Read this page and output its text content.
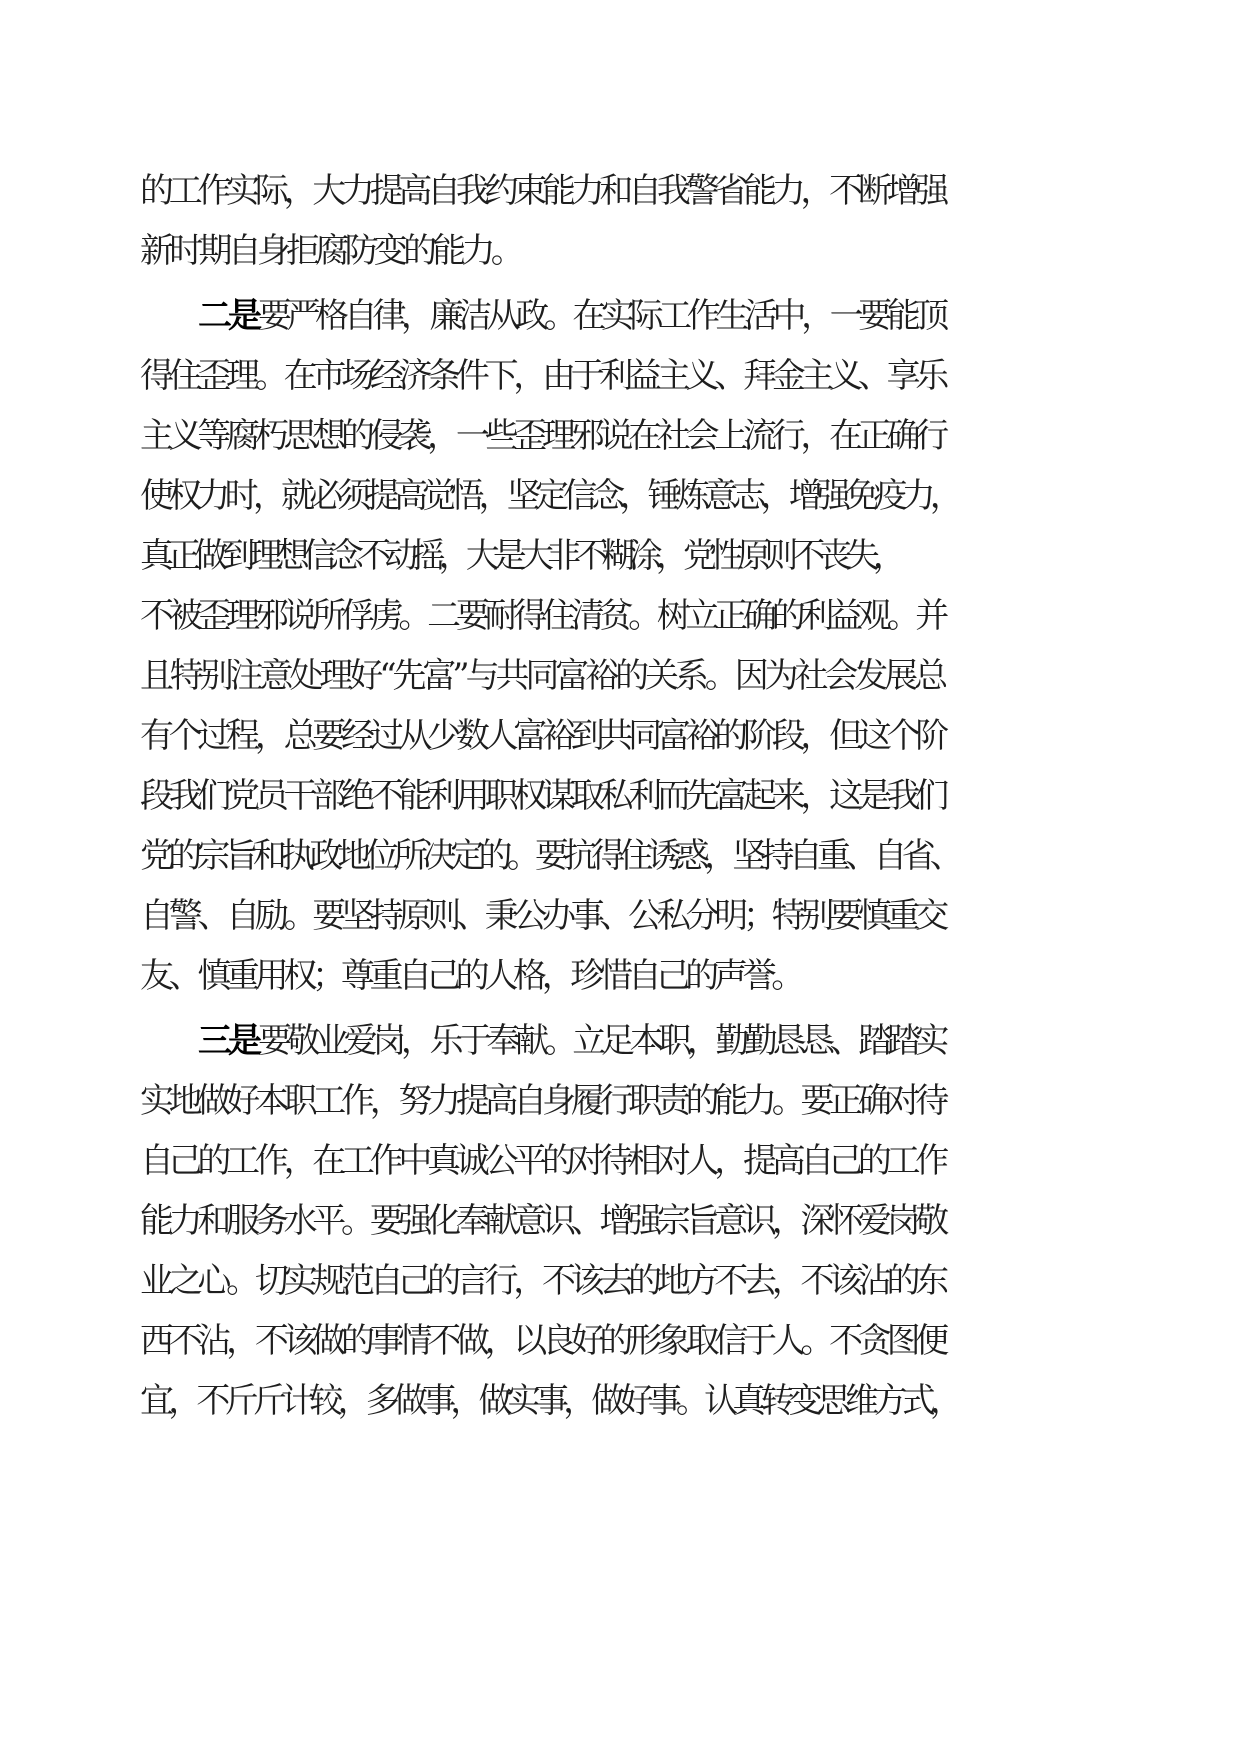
的工作实际，大力提高自我约束能力和自我警省能力，不断增强
新时期自身拒腐防变的能力。
二是 要严格自律，廉洁从政。在实际工作生活中，一要能顶
得住歪理。在市场经济条件下，由于利益主义、拜金主义、享乐
主义等腐朽思想的侵袭，一些歪理邪说在社会上流行，在正确行
使权力时，就必须提高觉悟，坚定信念，锤炼意志，增强免疫力，
真正做到理想信念不动摇，大是大非不糊涂，党性原则不丧失，
不被歪理邪说所俘虏。二要耐得住清贫。树立正确的利益观。并
且特别注意处理好“先富”与共同富裕的关系。因为社会发展总
有个过程，总要经过从少数人富裕到共同富裕的阶段，但这个阶
段我们党员干部绝不能利用职权谋取私利而先富起来，这是我们
党的宗旨和执政地位所决定的。要抗得住诱惑，坚持自重、自省、
自警、自励。要坚持原则、秉公办事、公私分明；特别要慎重交
友、慎重用权；尊重自己的人格，珍惜自己的声誉。
三是 要敬业爱岗，乐于奉献。立足本职，勤勤恳恳、踏踏实
实地做好本职工作，努力提高自身履行职责的能力。要正确对待
自己的工作，在工作中真诚公平的对待相对人，提高自己的工作
能力和服务水平。要强化奉献意识、增强宗旨意识，深怀爱岗敬
业之心。切实规范自己的言行，不该去的地方不去，不该沾的东
西不沾，不该做的事情不做，以良好的形象取信于人。不贪图便
宜，不斤斤计较，多做事，做实事，做好事。认真转变思维方式，
